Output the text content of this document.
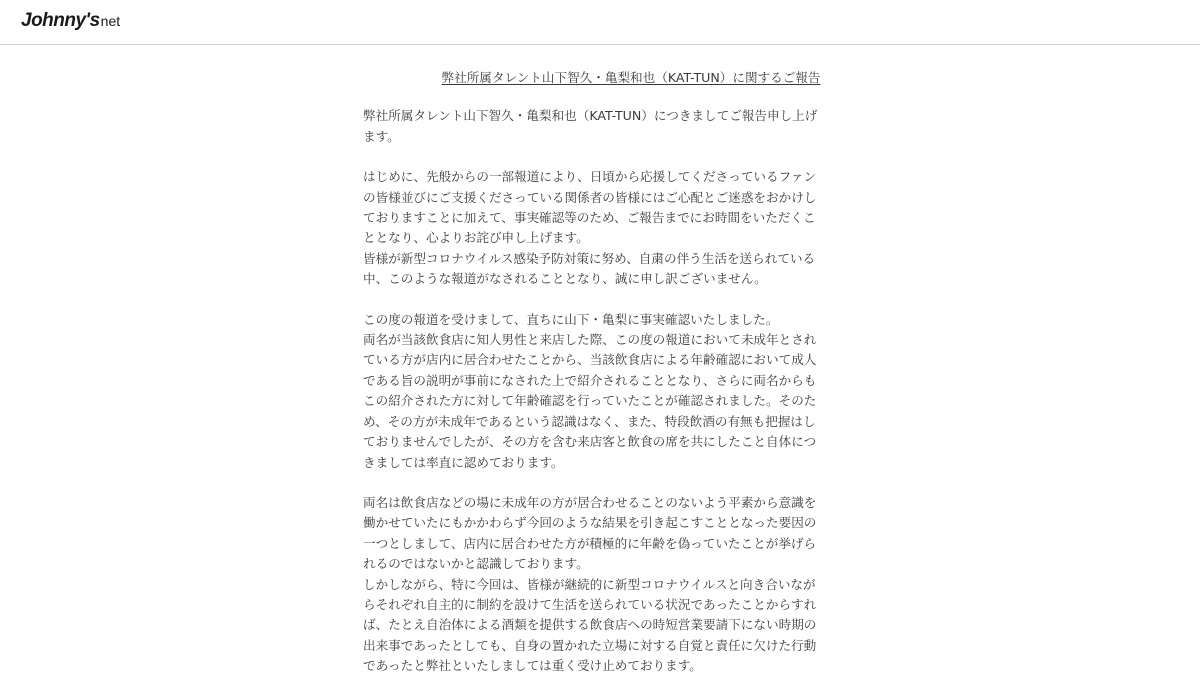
Johnny'snet
弊社所属タレント山下智久・亀梨和也（KAT-TUN）に関するご報告
弊社所属タレント山下智久・亀梨和也（KAT-TUN）につきましてご報告申し上げ
ます。
はじめに、先般からの一部報道により、日頃から応援してくださっているファン
の皆様並びにご支援くださっている関係者の皆様にはご心配とご迷惑をおかけし
ておりますことに加えて、事実確認等のため、ご報告までにお時間をいただくこ
ととなり、心よりお詫び申し上げます。
皆様が新型コロナウイルス感染予防対策に努め、自粛の伴う生活を送られている
中、このような報道がなされることとなり、誠に申し訳ございません。
この度の報道を受けまして、直ちに山下・亀梨に事実確認いたしました。
両名が当該飲食店に知人男性と来店した際、この度の報道において未成年とされ
ている方が店内に居合わせたことから、当該飲食店による年齢確認において成人
である旨の説明が事前になされた上で紹介されることとなり、さらに両名からも
この紹介された方に対して年齢確認を行っていたことが確認されました。そのた
め、その方が未成年であるという認識はなく、また、特段飲酒の有無も把握はし
ておりませんでしたが、その方を含む来店客と飲食の席を共にしたこと自体につ
きましては率直に認めております。
両名は飲食店などの場に未成年の方が居合わせることのないよう平素から意識を
働かせていたにもかかわらず今回のような結果を引き起こすこととなった要因の
一つとしまして、店内に居合わせた方が積極的に年齢を偽っていたことが挙げら
れるのではないかと認識しております。
しかしながら、特に今回は、皆様が継続的に新型コロナウイルスと向き合いなが
らそれぞれ自主的に制約を設けて生活を送られている状況であったことからすれ
ば、たとえ自治体による酒類を提供する飲食店への時短営業要請下にない時期の
出来事であったとしても、自身の置かれた立場に対する自覚と責任に欠けた行動
であったと弊社といたしましては重く受け止めております。
